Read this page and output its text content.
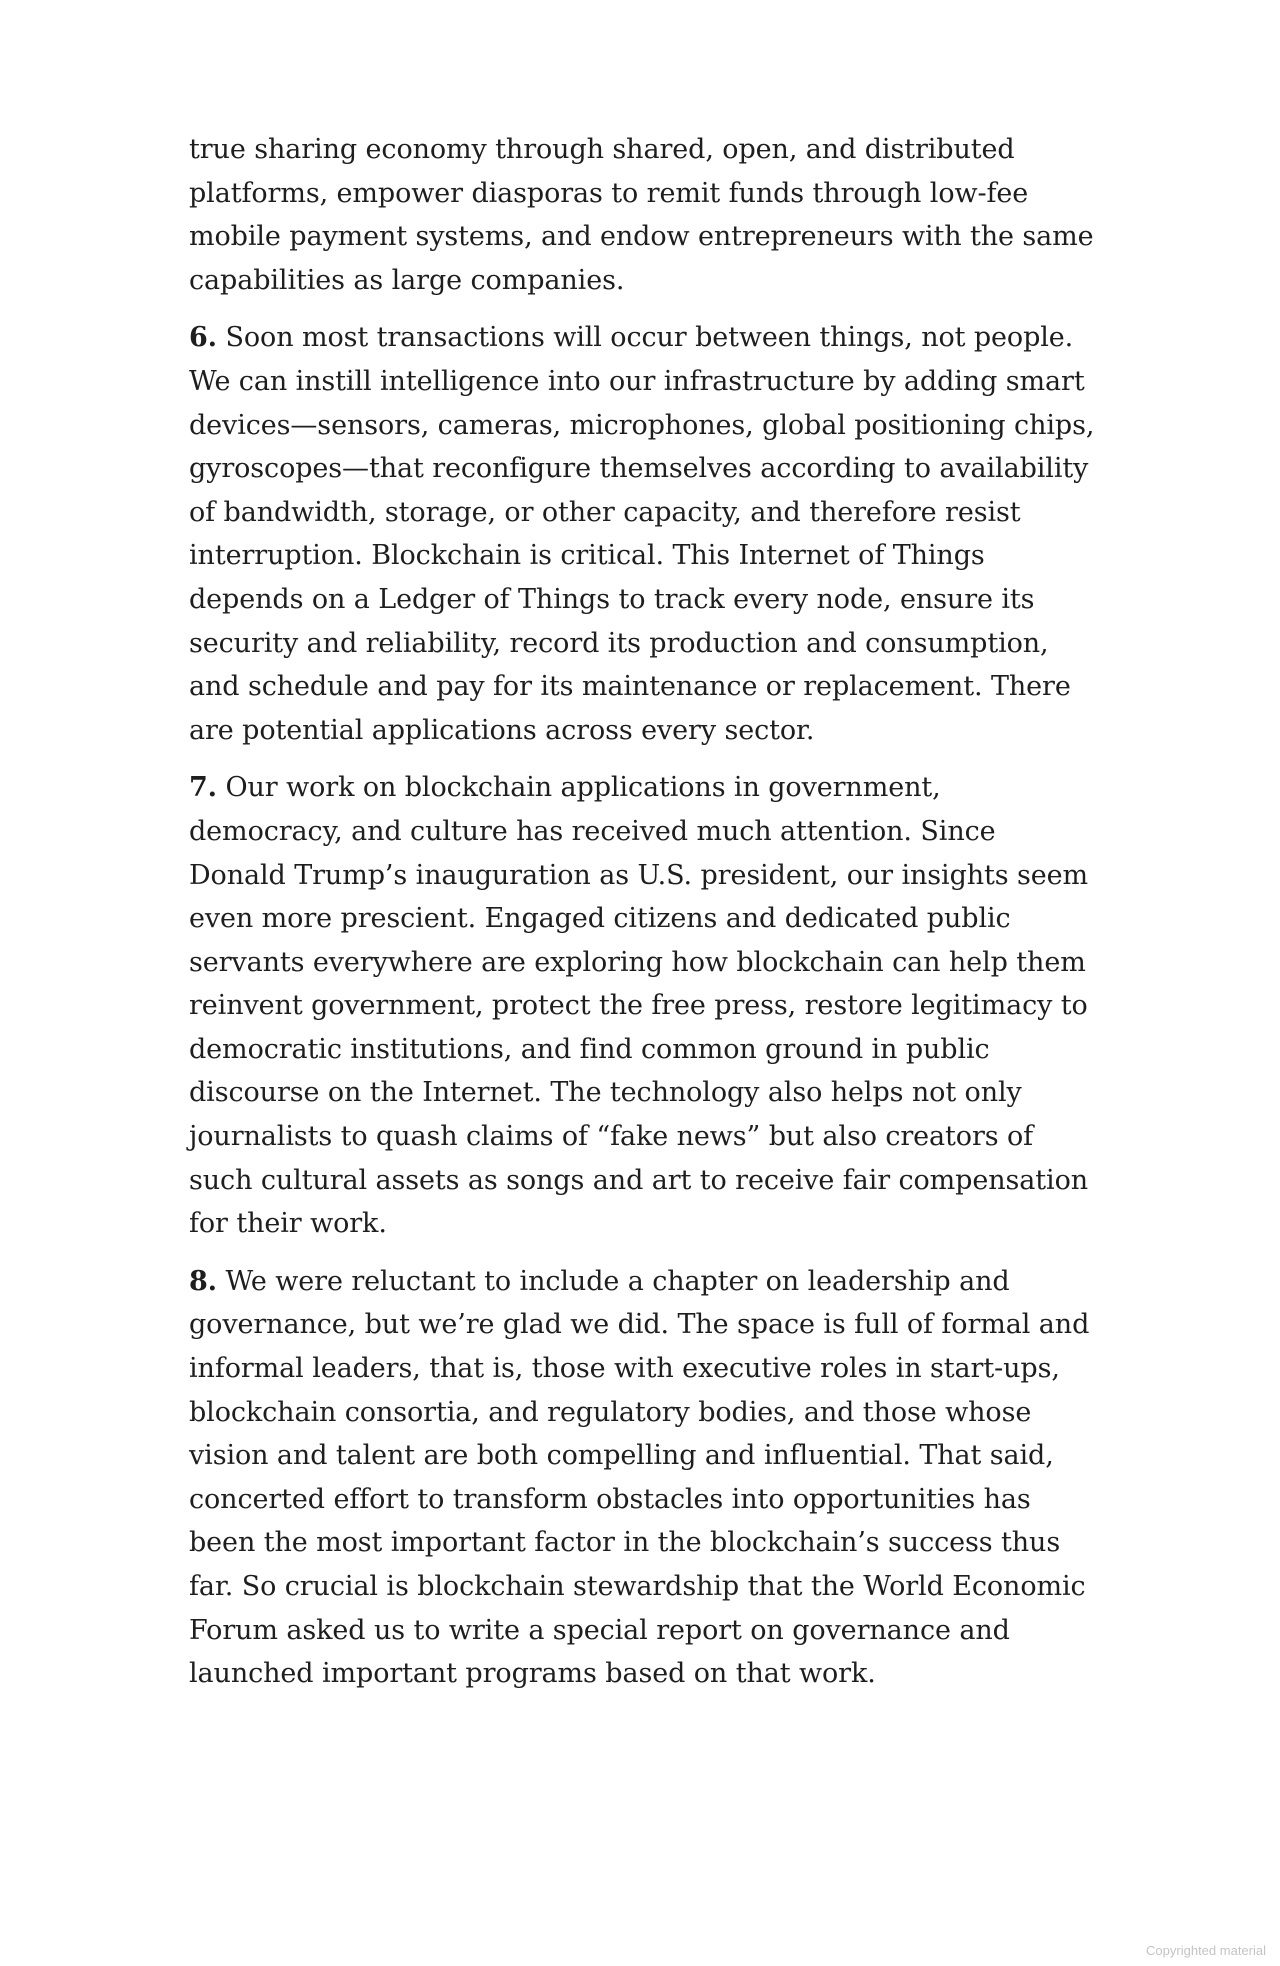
true sharing economy through shared, open, and distributed platforms, empower diasporas to remit funds through low-fee mobile payment systems, and endow entrepreneurs with the same capabilities as large companies.

6. Soon most transactions will occur between things, not people. We can instill intelligence into our infrastructure by adding smart devices—sensors, cameras, microphones, global positioning chips, gyroscopes—that reconfigure themselves according to availability of bandwidth, storage, or other capacity, and therefore resist interruption. Blockchain is critical. This Internet of Things depends on a Ledger of Things to track every node, ensure its security and reliability, record its production and consumption, and schedule and pay for its maintenance or replacement. There are potential applications across every sector.

7. Our work on blockchain applications in government, democracy, and culture has received much attention. Since Donald Trump’s inauguration as U.S. president, our insights seem even more prescient. Engaged citizens and dedicated public servants everywhere are exploring how blockchain can help them reinvent government, protect the free press, restore legitimacy to democratic institutions, and find common ground in public discourse on the Internet. The technology also helps not only journalists to quash claims of “fake news” but also creators of such cultural assets as songs and art to receive fair compensation for their work.

8. We were reluctant to include a chapter on leadership and governance, but we’re glad we did. The space is full of formal and informal leaders, that is, those with executive roles in start-ups, blockchain consortia, and regulatory bodies, and those whose vision and talent are both compelling and influential. That said, concerted effort to transform obstacles into opportunities has been the most important factor in the blockchain’s success thus far. So crucial is blockchain stewardship that the World Economic Forum asked us to write a special report on governance and launched important programs based on that work.

Copyrighted material
